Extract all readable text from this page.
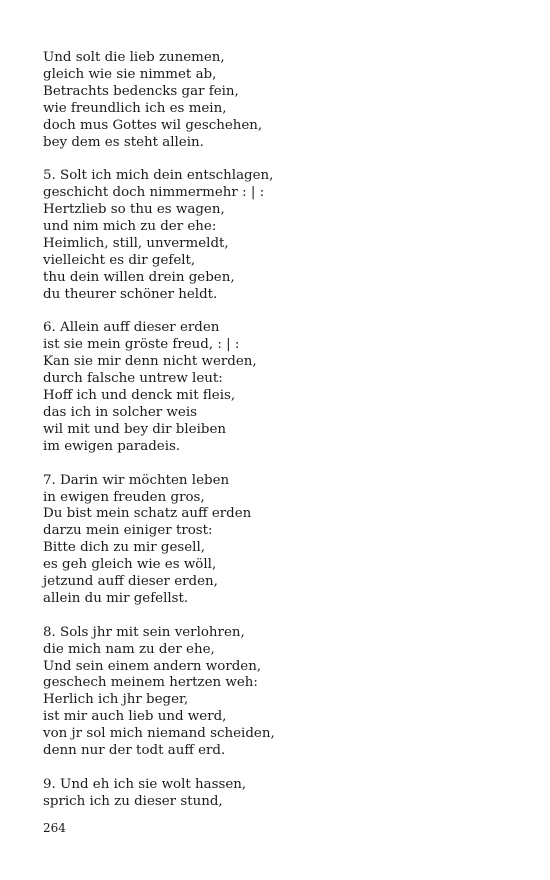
Und solt die lieb zunemen,
gleich wie sie nimmet ab,
Betrachts bedencks gar fein,
wie freundlich ich es mein,
doch mus Gottes wil geschehen,
bey dem es steht allein.
5. Solt ich mich dein entschlagen,
geschicht doch nimmermehr : | :
Hertzlieb so thu es wagen,
und nim mich zu der ehe:
Heimlich, still, unvermeldt,
vielleicht es dir gefelt,
thu dein willen drein geben,
du theurer schöner heldt.
6. Allein auff dieser erden
ist sie mein gröste freud, : | :
Kan sie mir denn nicht werden,
durch falsche untrew leut:
Hoff ich und denck mit fleis,
das ich in solcher weis
wil mit und bey dir bleiben
im ewigen paradeis.
7. Darin wir möchten leben
in ewigen freuden gros,
Du bist mein schatz auff erden
darzu mein einiger trost:
Bitte dich zu mir gesell,
es geh gleich wie es wöll,
jetzund auff dieser erden,
allein du mir gefellst.
8. Sols jhr mit sein verlohren,
die mich nam zu der ehe,
Und sein einem andern worden,
geschech meinem hertzen weh:
Herlich ich jhr beger,
ist mir auch lieb und werd,
von jr sol mich niemand scheiden,
denn nur der todt auff erd.
9. Und eh ich sie wolt hassen,
sprich ich zu dieser stund,
264
